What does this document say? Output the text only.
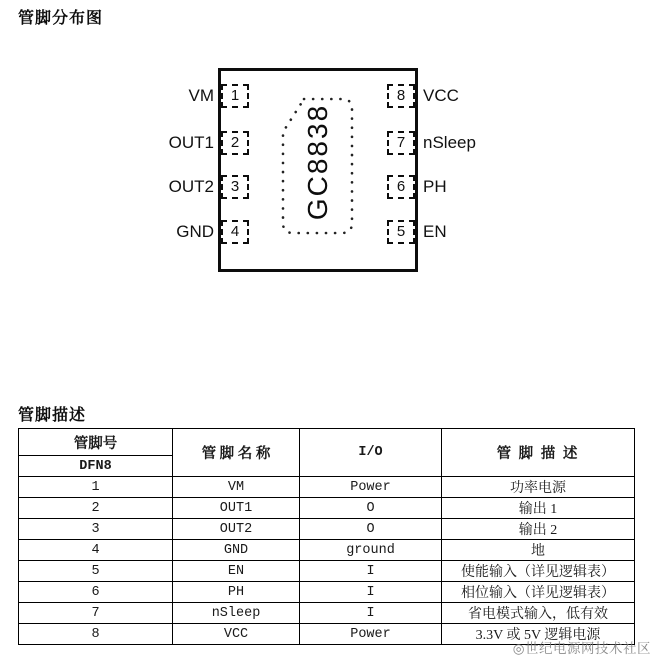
管脚分布图
GC8838
VM
OUT1
OUT2
GND
1
2
3
4
8
7
6
5
VCC
nSleep
PH
EN
管脚描述
管脚号	管 脚 名 称	I/O	管 脚 描 述
DFN8			
1	VM	Power	功率电源
2	OUT1	O	输出 1
3	OUT2	O	输出 2
4	GND	ground	地
5	EN	I	使能输入（详见逻辑表）
6	PH	I	相位输入（详见逻辑表）
7	nSleep	I	省电模式输入，低有效
8	VCC	Power	3.3V 或 5V 逻辑电源
◎世纪电源网技术社区
